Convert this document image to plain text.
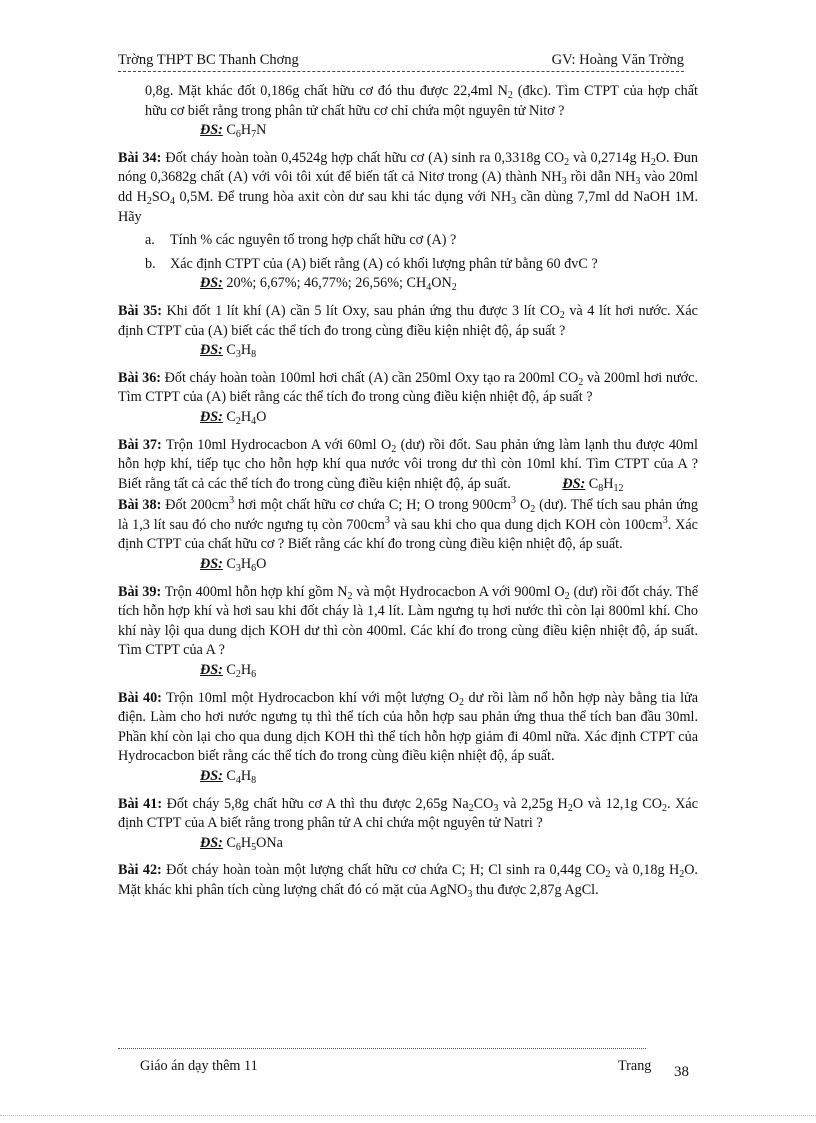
Trờng THPT BC Thanh Chơng	GV: Hoàng Văn Trờng
0,8g. Mặt khác đốt 0,186g chất hữu cơ đó thu được 22,4ml $N_2$ (đkc). Tìm CTPT của hợp chất hữu cơ biết rằng trong phân tử chất hữu cơ chỉ chứa một nguyên tử Nitơ ?
ĐS: $C_6H_7N$
Bài 34: Đốt cháy hoàn toàn 0,4524g hợp chất hữu cơ (A) sinh ra 0,3318g $CO_2$ và 0,2714g $H_2O$. Đun nóng 0,3682g chất (A) với vôi tôi xút để biến tất cả Nitơ trong (A) thành $NH_3$ rồi dẫn $NH_3$ vào 20ml dd $H_2SO_4$ 0,5M. Để trung hòa axit còn dư sau khi tác dụng với $NH_3$ cần dùng 7,7ml dd NaOH 1M. Hãy
a.	Tính % các nguyên tố trong hợp chất hữu cơ (A) ?
b.	Xác định CTPT của (A) biết rằng (A) có khối lượng phân tử bằng 60 đvC ?
ĐS: 20%; 6,67%; 46,77%; 26,56%; $CH_4ON_2$
Bài 35: Khi đốt 1 lít khí (A) cần 5 lít Oxy, sau phản ứng thu được 3 lít $CO_2$ và 4 lít hơi nước. Xác định CTPT của (A) biết các thể tích đo trong cùng điều kiện nhiệt độ, áp suất ?
ĐS: $C_3H_8$
Bài 36: Đốt cháy hoàn toàn 100ml hơi chất (A) cần 250ml Oxy tạo ra 200ml $CO_2$ và 200ml hơi nước. Tìm CTPT của (A) biết rằng các thể tích đo trong cùng điều kiện nhiệt độ, áp suất ?
ĐS: $C_2H_4O$
Bài 37: Trộn 10ml Hydrocacbon A với 60ml $O_2$ (dư) rồi đốt. Sau phản ứng làm lạnh thu được 40ml hỗn hợp khí, tiếp tục cho hỗn hợp khí qua nước vôi trong dư thì còn 10ml khí. Tìm CTPT của A ? Biết rằng tất cả các thể tích đo trong cùng điều kiện nhiệt độ, áp suất.	ĐS: $C_8H_{12}$
Bài 38: Đốt $200cm^3$ hơi một chất hữu cơ chứa C; H; O trong $900cm^3$ $O_2$ (dư). Thể tích sau phản ứng là 1,3 lít sau đó cho nước ngưng tụ còn $700cm^3$ và sau khi cho qua dung dịch KOH còn $100cm^3$. Xác định CTPT của chất hữu cơ ? Biết rằng các khí đo trong cùng điều kiện nhiệt độ, áp suất.
ĐS: $C_3H_6O$
Bài 39: Trộn 400ml hỗn hợp khí gồm $N_2$ và một Hydrocacbon A với 900ml $O_2$ (dư) rồi đốt cháy. Thể tích hỗn hợp khí và hơi sau khi đốt cháy là 1,4 lít. Làm ngưng tụ hơi nước thì còn lại 800ml khí. Cho khí này lội qua dung dịch KOH dư thì còn 400ml. Các khí đo trong cùng điều kiện nhiệt độ, áp suất. Tìm CTPT của A ?
ĐS: $C_2H_6$
Bài 40: Trộn 10ml một Hydrocacbon khí với một lượng $O_2$ dư rồi làm nổ hỗn hợp này bằng tia lửa điện. Làm cho hơi nước ngưng tụ thì thể tích của hỗn hợp sau phản ứng thua thể tích ban đầu 30ml. Phần khí còn lại cho qua dung dịch KOH thì thể tích hỗn hợp giảm đi 40ml nữa. Xác định CTPT của Hydrocacbon biết rằng các thể tích đo trong cùng điều kiện nhiệt độ, áp suất.
ĐS: $C_4H_8$
Bài 41: Đốt cháy 5,8g chất hữu cơ A thì thu được 2,65g $Na_2CO_3$ và 2,25g $H_2O$ và 12,1g $CO_2$. Xác định CTPT của A biết rằng trong phân tử A chỉ chứa một nguyên tử Natri ?
ĐS: $C_6H_5ONa$
Bài 42: Đốt cháy hoàn toàn một lượng chất hữu cơ chứa C; H; Cl sinh ra 0,44g $CO_2$ và 0,18g $H_2O$. Mặt khác khi phân tích cùng lượng chất đó có mặt của AgNO$_3$ thu được 2,87g AgCl.
Giáo án dạy thêm 11	Trang 38
